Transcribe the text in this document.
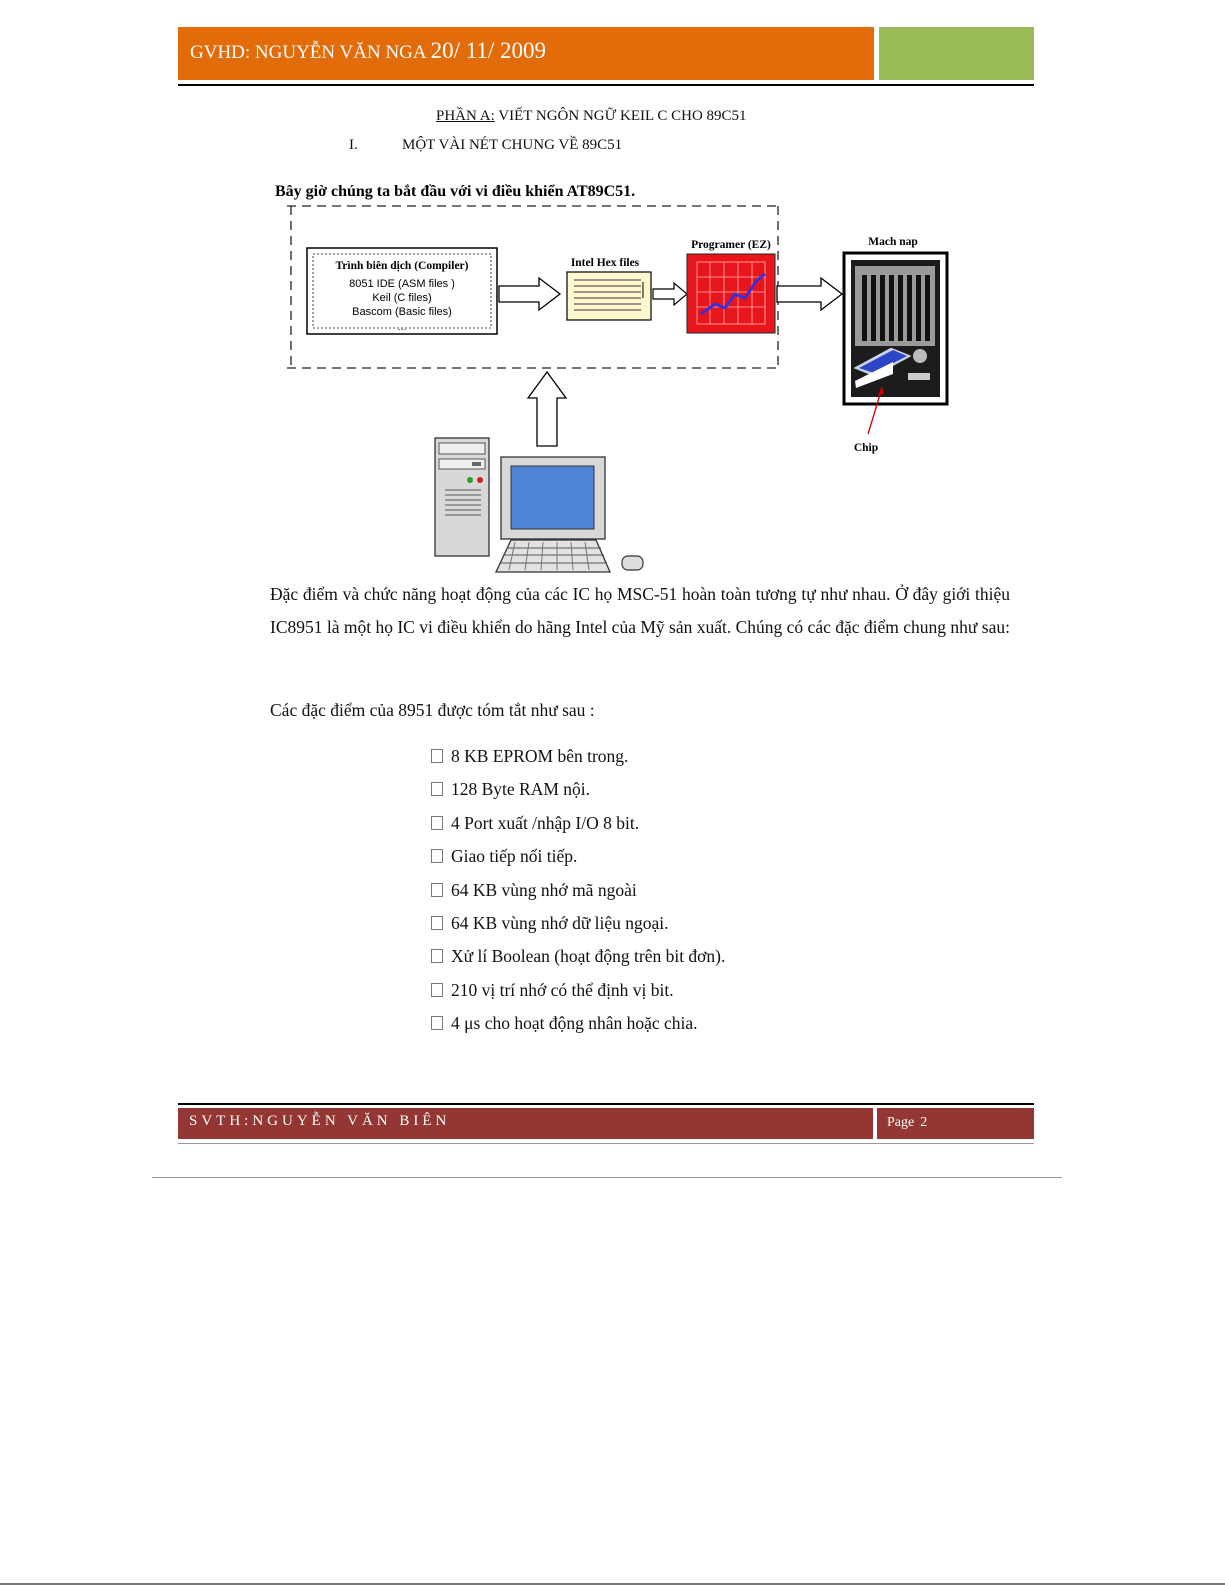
GVHD: NGUYỄN VĂN NGA 20/ 11/ 2009
PHẦN A: VIẾT NGÔN NGỮ KEIL C CHO 89C51
I.	MỘT VÀI NÉT CHUNG VỀ 89C51
Bây giờ chúng ta bắt đầu với vi điều khiển AT89C51.
Trình biên dịch (Compiler)
8051 IDE (ASM files )
Keil (C files)
Bascom (Basic files)
…
Intel Hex files
Programer (EZ)	Mach nap
Chip
Đặc điểm và chức năng hoạt động của các IC họ MSC-51 hoàn toàn tương tự như nhau. Ở đây giới thiệu IC8951 là một họ IC vi điều khiển do hãng Intel của Mỹ sản xuất. Chúng có các đặc điểm chung như sau:
Các đặc điểm của 8951 được tóm tắt như sau :
8 KB EPROM bên trong.
128 Byte RAM nội.
4 Port xuất /nhập I/O 8 bit.
Giao tiếp nối tiếp.
64 KB vùng nhớ mã ngoài
64 KB vùng nhớ dữ liệu ngoại.
Xử lí Boolean (hoạt động trên bit đơn).
210 vị trí nhớ có thể định vị bit.
4 μs cho hoạt động nhân hoặc chia.
SVTH:NGUYỄN VĂN BIÊN	Page 2
